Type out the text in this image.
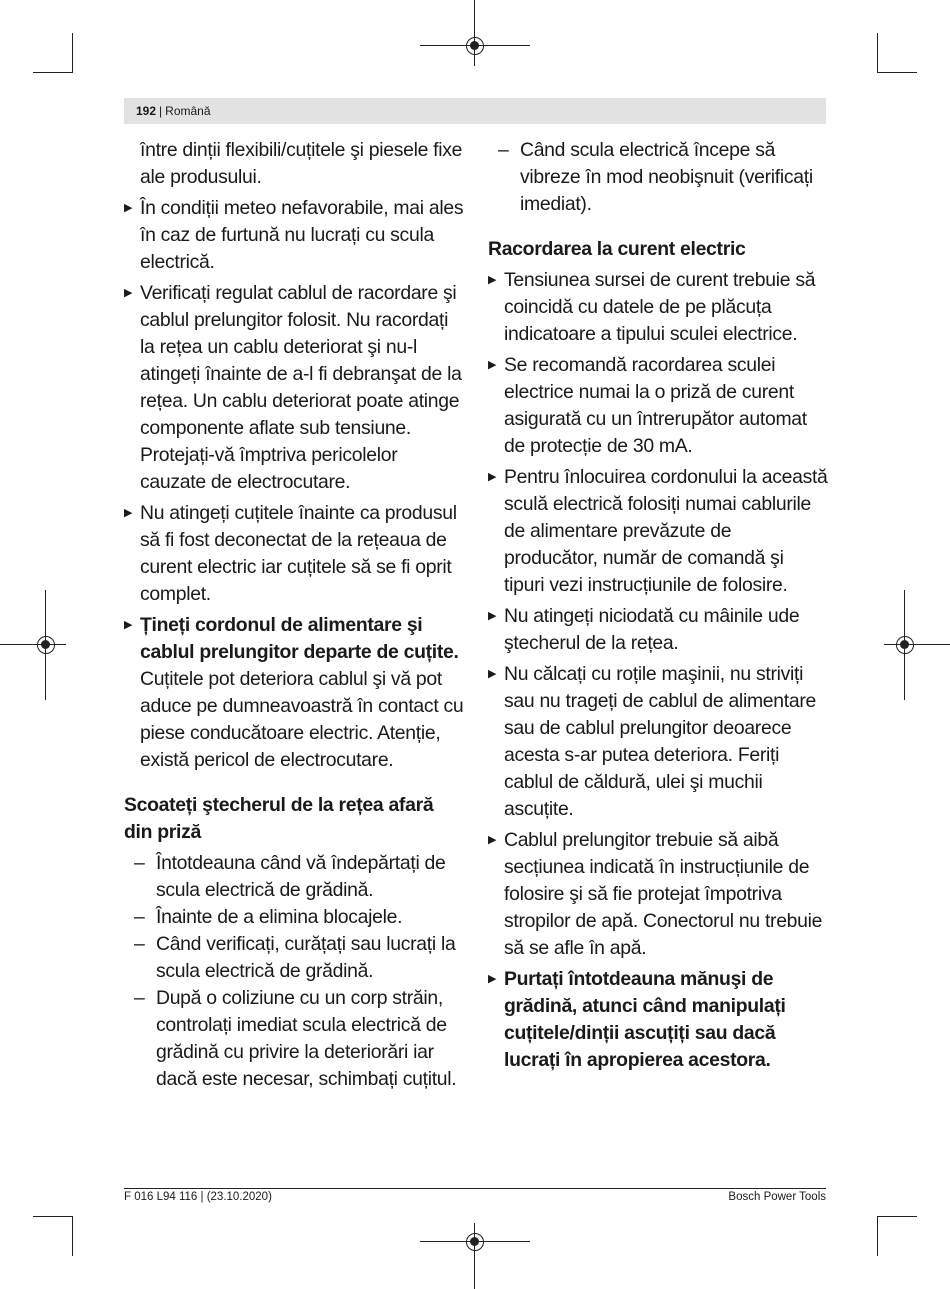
192 | Română
între dinții flexibili/cuțitele şi piesele fixe ale produsului.
▶ În condiții meteo nefavorabile, mai ales în caz de furtună nu lucrați cu scula electrică.
▶ Verificați regulat cablul de racordare şi cablul prelungitor folosit. Nu racordați la rețea un cablu deteriorat şi nu-l atingeți înainte de a-l fi debranşat de la rețea. Un cablu deteriorat poate atinge componente aflate sub tensiune. Protejați-vă împtriva pericolelor cauzate de electrocutare.
▶ Nu atingeți cuțitele înainte ca produsul să fi fost deconectat de la rețeaua de curent electric iar cuțitele să se fi oprit complet.
▶ Țineți cordonul de alimentare şi cablul prelungitor departe de cuțite. Cuțitele pot deteriora cablul şi vă pot aduce pe dumneavoastră în contact cu piese conducătoare electric. Atenție, există pericol de electrocutare.
Scoateți ştecherul de la rețea afară din priză
– Întotdeauna când vă îndepărtați de scula electrică de grădină.
– Înainte de a elimina blocajele.
– Când verificați, curățați sau lucrați la scula electrică de grădină.
– După o coliziune cu un corp străin, controlați imediat scula electrică de grădină cu privire la deteriorări iar dacă este necesar, schimbați cuțitul.
– Când scula electrică începe să vibreze în mod neobişnuit (verificați imediat).
Racordarea la curent electric
▶ Tensiunea sursei de curent trebuie să coincidă cu datele de pe plăcuța indicatoare a tipului sculei electrice.
▶ Se recomandă racordarea sculei electrice numai la o priză de curent asigurată cu un întrerupător automat de protecție de 30 mA.
▶ Pentru înlocuirea cordonului la această sculă electrică folosiți numai cablurile de alimentare prevăzute de producător, număr de comandă şi tipuri vezi instrucțiunile de folosire.
▶ Nu atingeți niciodată cu mâinile ude ştecherul de la rețea.
▶ Nu călcați cu roțile maşinii, nu striviți sau nu trageți de cablul de alimentare sau de cablul prelungitor deoarece acesta s-ar putea deteriora. Feriți cablul de căldură, ulei şi muchii ascuțite.
▶ Cablul prelungitor trebuie să aibă secțiunea indicată în instrucțiunile de folosire şi să fie protejat împotriva stropilor de apă. Conectorul nu trebuie să se afle în apă.
▶ Purtați întotdeauna mănuşi de grădină, atunci când manipulați cuțitele/dinții ascuțiți sau dacă lucrați în apropierea acestora.
F 016 L94 116 | (23.10.2020)	Bosch Power Tools
